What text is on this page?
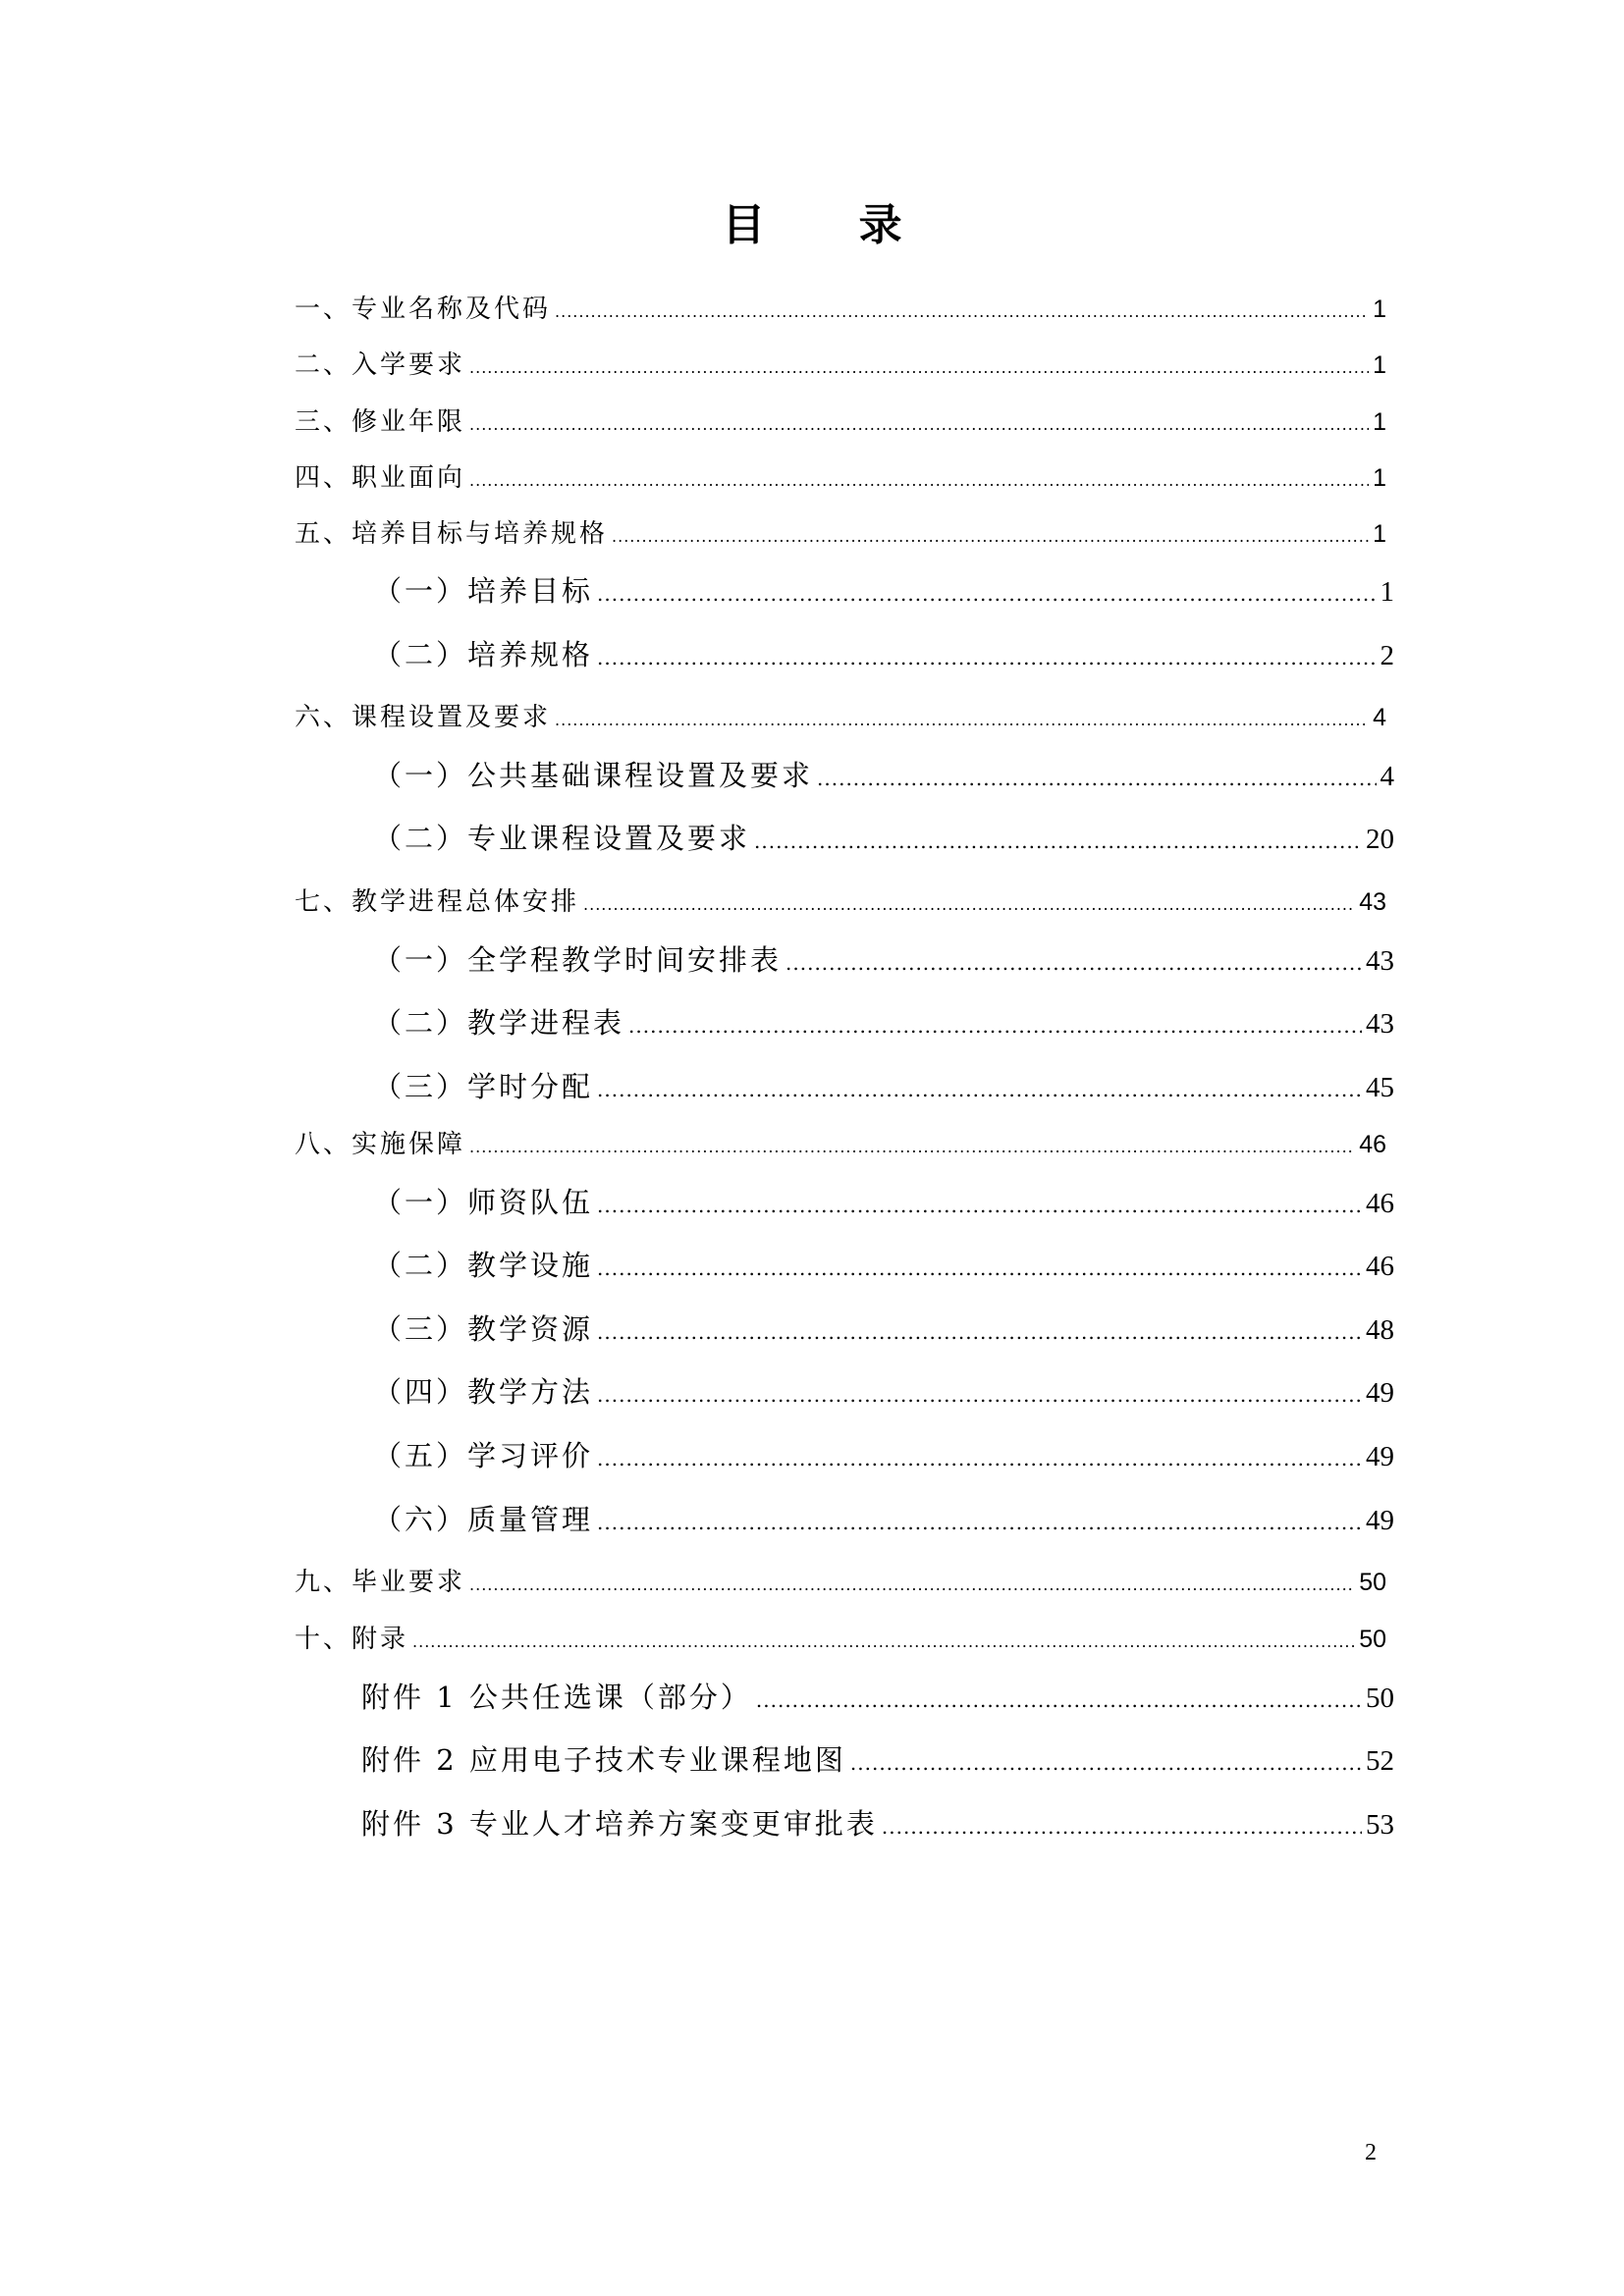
目 录
一、专业名称及代码 .....	1
二、入学要求 .....	1
三、修业年限 .....	1
四、职业面向 .....	1
五、培养目标与培养规格 .....	1
（一）培养目标 .....	1
（二）培养规格 .....	2
六、课程设置及要求 .....	4
（一）公共基础课程设置及要求 .....	4
（二）专业课程设置及要求 .....	20
七、教学进程总体安排 .....	43
（一）全学程教学时间安排表 .....	43
（二）教学进程表 .....	43
（三）学时分配 .....	45
八、实施保障 .....	46
（一）师资队伍 .....	46
（二）教学设施 .....	46
（三）教学资源 .....	48
（四）教学方法 .....	49
（五）学习评价 .....	49
（六）质量管理 .....	49
九、毕业要求 .....	50
十、附录 .....	50
附件 1 公共任选课（部分） .....	50
附件 2 应用电子技术专业课程地图 .....	52
附件 3 专业人才培养方案变更审批表 .....	53
2
